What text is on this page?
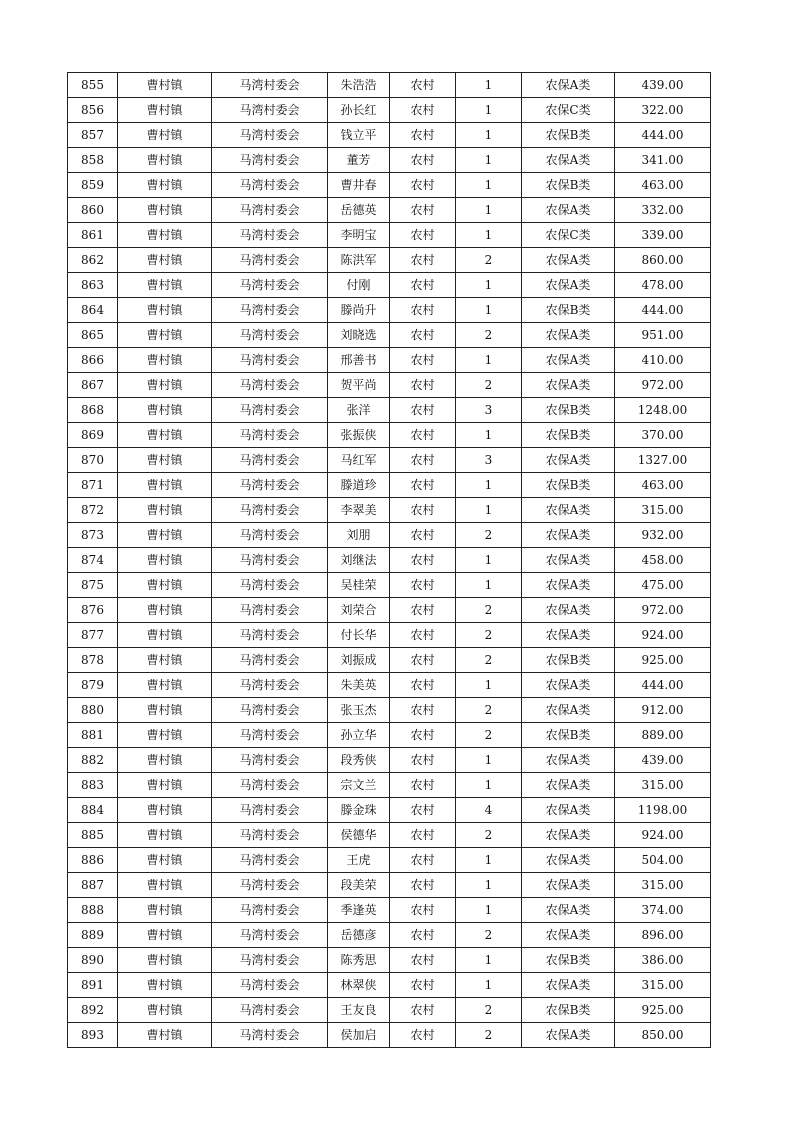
855	曹村镇	马湾村委会	朱浩浩	农村	1	农保A类	439.00
856	曹村镇	马湾村委会	孙长红	农村	1	农保C类	322.00
857	曹村镇	马湾村委会	钱立平	农村	1	农保B类	444.00
858	曹村镇	马湾村委会	董芳	农村	1	农保A类	341.00
859	曹村镇	马湾村委会	曹井春	农村	1	农保B类	463.00
860	曹村镇	马湾村委会	岳德英	农村	1	农保A类	332.00
861	曹村镇	马湾村委会	李明宝	农村	1	农保C类	339.00
862	曹村镇	马湾村委会	陈洪军	农村	2	农保A类	860.00
863	曹村镇	马湾村委会	付刚	农村	1	农保A类	478.00
864	曹村镇	马湾村委会	滕尚升	农村	1	农保B类	444.00
865	曹村镇	马湾村委会	刘晓选	农村	2	农保A类	951.00
866	曹村镇	马湾村委会	邢善书	农村	1	农保A类	410.00
867	曹村镇	马湾村委会	贺平尚	农村	2	农保A类	972.00
868	曹村镇	马湾村委会	张洋	农村	3	农保B类	1248.00
869	曹村镇	马湾村委会	张振侠	农村	1	农保B类	370.00
870	曹村镇	马湾村委会	马红军	农村	3	农保A类	1327.00
871	曹村镇	马湾村委会	滕道珍	农村	1	农保B类	463.00
872	曹村镇	马湾村委会	李翠美	农村	1	农保A类	315.00
873	曹村镇	马湾村委会	刘朋	农村	2	农保A类	932.00
874	曹村镇	马湾村委会	刘继法	农村	1	农保A类	458.00
875	曹村镇	马湾村委会	吴桂荣	农村	1	农保A类	475.00
876	曹村镇	马湾村委会	刘荣合	农村	2	农保A类	972.00
877	曹村镇	马湾村委会	付长华	农村	2	农保A类	924.00
878	曹村镇	马湾村委会	刘振成	农村	2	农保B类	925.00
879	曹村镇	马湾村委会	朱美英	农村	1	农保A类	444.00
880	曹村镇	马湾村委会	张玉杰	农村	2	农保A类	912.00
881	曹村镇	马湾村委会	孙立华	农村	2	农保B类	889.00
882	曹村镇	马湾村委会	段秀侠	农村	1	农保A类	439.00
883	曹村镇	马湾村委会	宗文兰	农村	1	农保A类	315.00
884	曹村镇	马湾村委会	滕金珠	农村	4	农保A类	1198.00
885	曹村镇	马湾村委会	侯德华	农村	2	农保A类	924.00
886	曹村镇	马湾村委会	王虎	农村	1	农保A类	504.00
887	曹村镇	马湾村委会	段美荣	农村	1	农保A类	315.00
888	曹村镇	马湾村委会	季逢英	农村	1	农保A类	374.00
889	曹村镇	马湾村委会	岳德彦	农村	2	农保A类	896.00
890	曹村镇	马湾村委会	陈秀思	农村	1	农保B类	386.00
891	曹村镇	马湾村委会	林翠侠	农村	1	农保A类	315.00
892	曹村镇	马湾村委会	王友良	农村	2	农保B类	925.00
893	曹村镇	马湾村委会	侯加启	农村	2	农保A类	850.00
